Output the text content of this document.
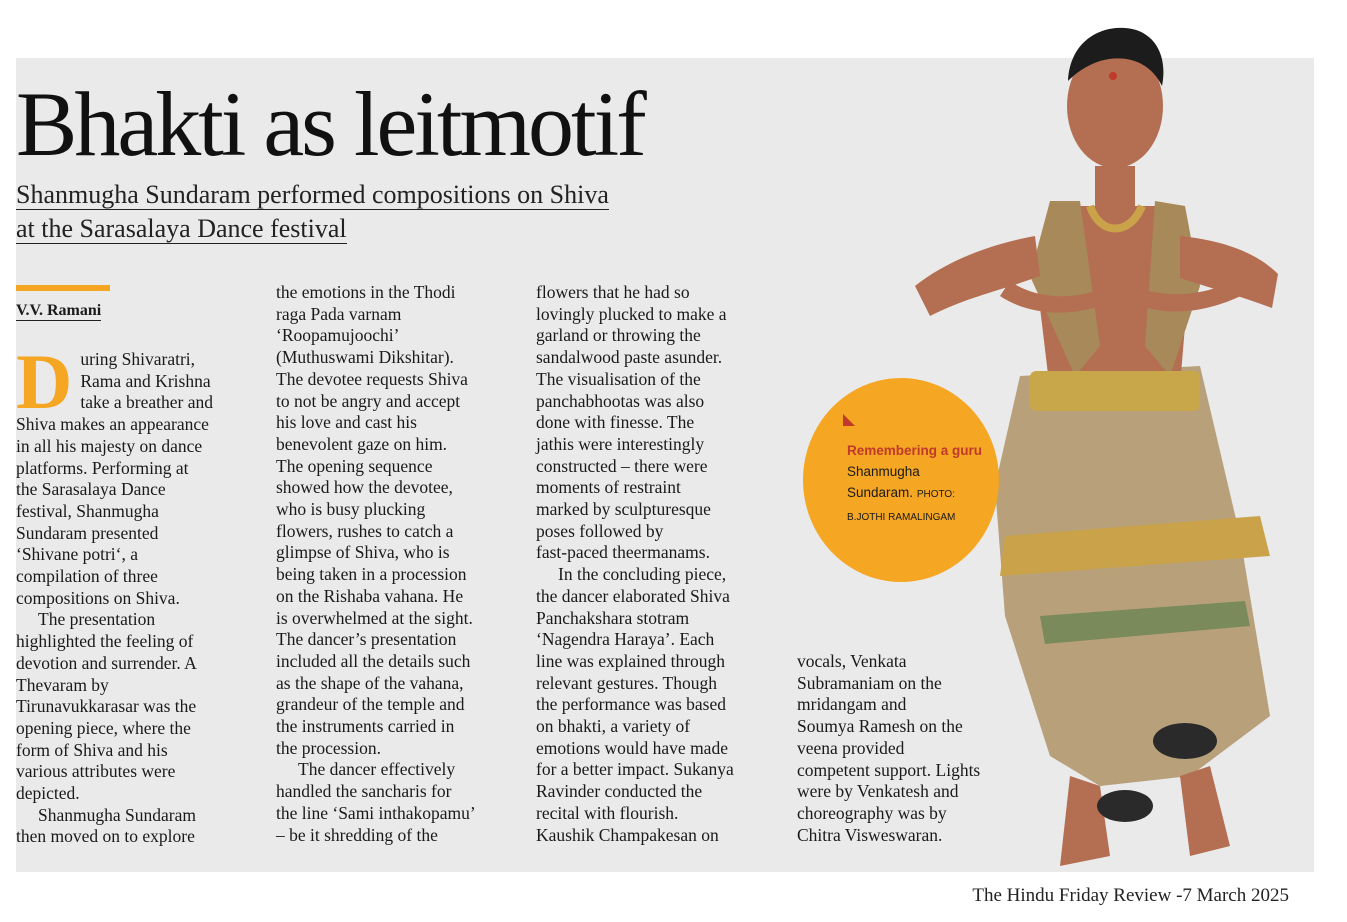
Bhakti as leitmotif
Shanmugha Sundaram performed compositions on Shiva
at the Sarasalaya Dance festival
V.V. Ramani
D uring Shivaratri,

Rama and Krishna

take a breather and

Shiva makes an appearance

in all his majesty on dance

platforms. Performing at

the Sarasalaya Dance

festival, Shanmugha

Sundaram presented

‘Shivane potri‘, a

compilation of three

compositions on Shiva.

The presentation

highlighted the feeling of

devotion and surrender. A

Thevaram by

Tirunavukkarasar was the

opening piece, where the

form of Shiva and his

various attributes were

depicted.

Shanmugha Sundaram

then moved on to explore

the emotions in the Thodi

raga Pada varnam

‘Roopamujoochi’

(Muthuswami Dikshitar).

The devotee requests Shiva

to not be angry and accept

his love and cast his

benevolent gaze on him.

The opening sequence

showed how the devotee,

who is busy plucking

flowers, rushes to catch a

glimpse of Shiva, who is

being taken in a procession

on the Rishaba vahana. He

is overwhelmed at the sight.

The dancer’s presentation

included all the details such

as the shape of the vahana,

grandeur of the temple and

the instruments carried in

the procession.

The dancer effectively

handled the sancharis for

the line ‘Sami inthakopamu’

– be it shredding of the

flowers that he had so

lovingly plucked to make a

garland or throwing the

sandalwood paste asunder.

The visualisation of the

panchabhootas was also

done with finesse. The

jathis were interestingly

constructed – there were

moments of restraint

marked by sculpturesque

poses followed by

fast-paced theermanams.

In the concluding piece,

the dancer elaborated Shiva

Panchakshara stotram

‘Nagendra Haraya’. Each

line was explained through

relevant gestures. Though

the performance was based

on bhakti, a variety of

emotions would have made

for a better impact. Sukanya

Ravinder conducted the

recital with flourish.

Kaushik Champakesan on

vocals, Venkata

Subramaniam on the

mridangam and

Soumya Ramesh on the

veena provided

competent support. Lights

were by Venkatesh and

choreography was by

Chitra Visweswaran.

Remembering a guru Shanmugha Sundaram. PHOTO: B.JOTHI RAMALINGAM
The Hindu Friday Review -7 March 2025
